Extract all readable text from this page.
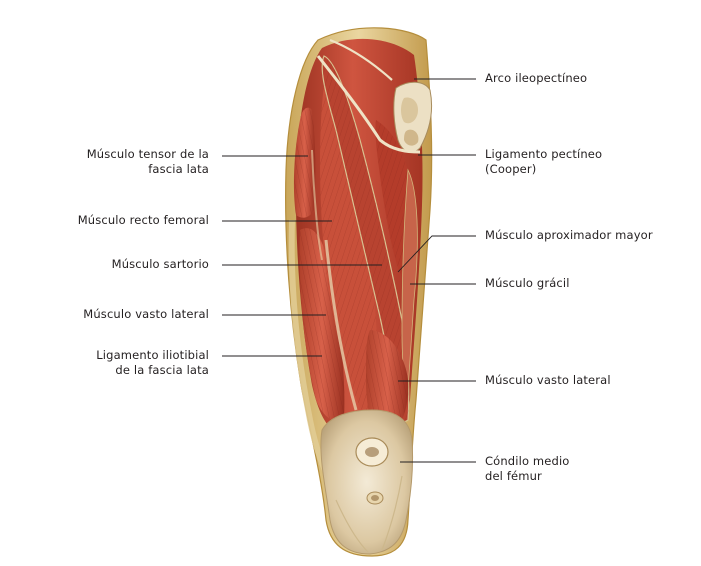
Músculo tensor de la
fascia lata
Músculo recto femoral
Músculo sartorio
Músculo vasto lateral
Ligamento iliotibial
de la fascia lata
Arco ileopectíneo
Ligamento pectíneo
(Cooper)
Músculo aproximador mayor
Músculo grácil
Músculo vasto lateral
Cóndilo medio
del fémur
